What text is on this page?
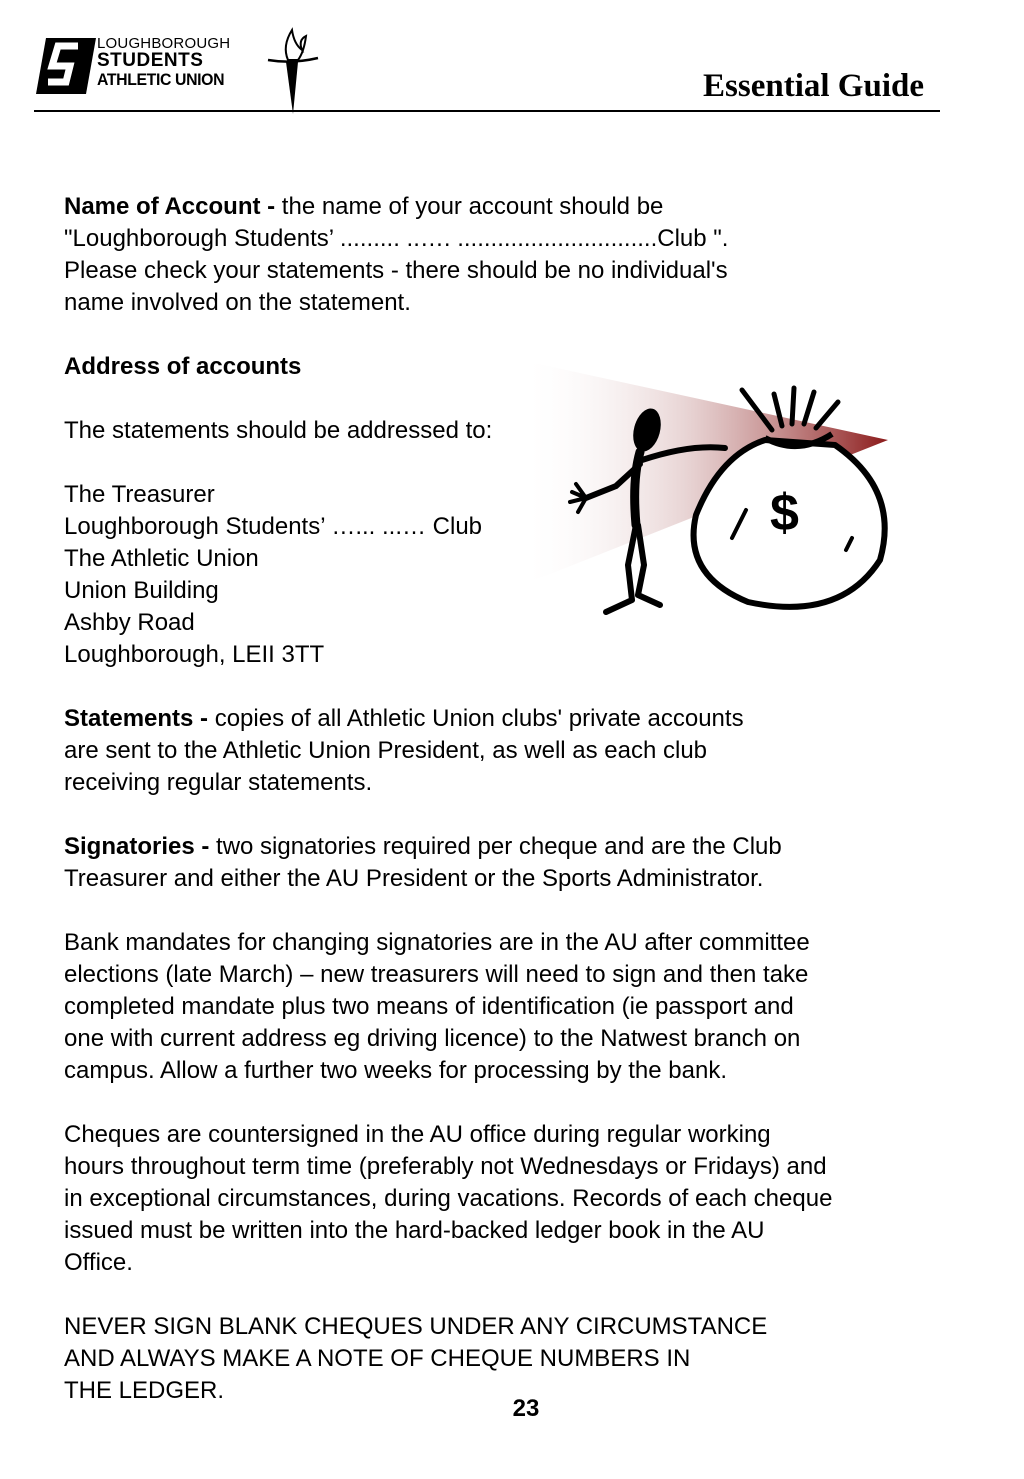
LOUGHBOROUGH
STUDENTS
ATHLETIC UNION	Essential Guide
$

Name of Account - the name of your account should be
"Loughborough Students’ ......... ..…. ..............................Club ".
Please check your statements - there should be no individual's
name involved on the statement.

Address of accounts

The statements should be addressed to:

The Treasurer
Loughborough Students’ …... ...… Club
The Athletic Union
Union Building
Ashby Road
Loughborough, LEII 3TT

Statements - copies of all Athletic Union clubs' private accounts
are sent to the Athletic Union President, as well as each club
receiving regular statements.

Signatories - two signatories required per cheque and are the Club
Treasurer and either the AU President or the Sports Administrator.

Bank mandates for changing signatories are in the AU after committee
elections (late March) – new treasurers will need to sign and then take
completed mandate plus two means of identification (ie passport and
one with current address eg driving licence) to the Natwest branch on
campus. Allow a further two weeks for processing by the bank.

Cheques are countersigned in the AU office during regular working
hours throughout term time (preferably not Wednesdays or Fridays) and
in exceptional circumstances, during vacations. Records of each cheque
issued must be written into the hard-backed ledger book in the AU
Office.

NEVER SIGN BLANK CHEQUES UNDER ANY CIRCUMSTANCE
AND ALWAYS MAKE A NOTE OF CHEQUE NUMBERS IN
THE LEDGER.

23
